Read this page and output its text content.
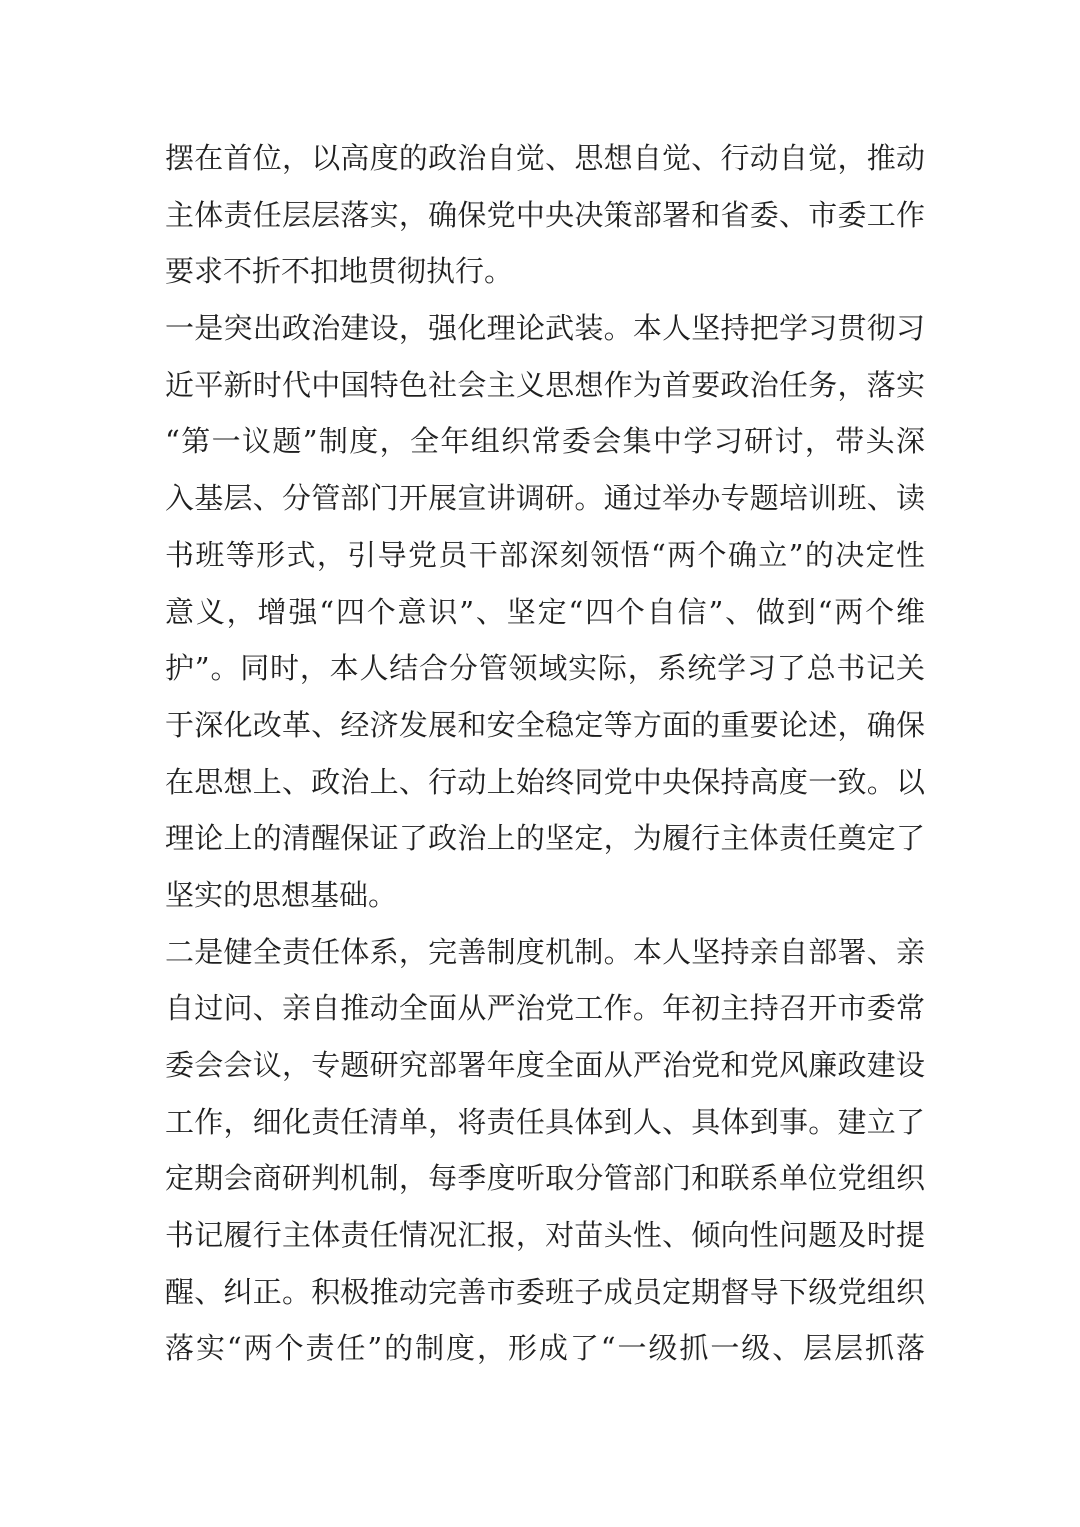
摆在首位，以高度的政治自觉、思想自觉、行动自觉，推动
主体责任层层落实，确保党中央决策部署和省委、市委工作
要求不折不扣地贯彻执行。
一是突出政治建设，强化理论武装。本人坚持把学习贯彻习
近平新时代中国特色社会主义思想作为首要政治任务，落实
“第一议题”制度，全年组织常委会集中学习研讨，带头深
入基层、分管部门开展宣讲调研。通过举办专题培训班、读
书班等形式，引导党员干部深刻领悟“两个确立”的决定性
意义，增强“四个意识”、坚定“四个自信”、做到“两个维
护”。同时，本人结合分管领域实际，系统学习了总书记关
于深化改革、经济发展和安全稳定等方面的重要论述，确保
在思想上、政治上、行动上始终同党中央保持高度一致。以
理论上的清醒保证了政治上的坚定，为履行主体责任奠定了
坚实的思想基础。
二是健全责任体系，完善制度机制。本人坚持亲自部署、亲
自过问、亲自推动全面从严治党工作。年初主持召开市委常
委会会议，专题研究部署年度全面从严治党和党风廉政建设
工作，细化责任清单，将责任具体到人、具体到事。建立了
定期会商研判机制，每季度听取分管部门和联系单位党组织
书记履行主体责任情况汇报，对苗头性、倾向性问题及时提
醒、纠正。积极推动完善市委班子成员定期督导下级党组织
落实“两个责任”的制度，形成了“一级抓一级、层层抓落
